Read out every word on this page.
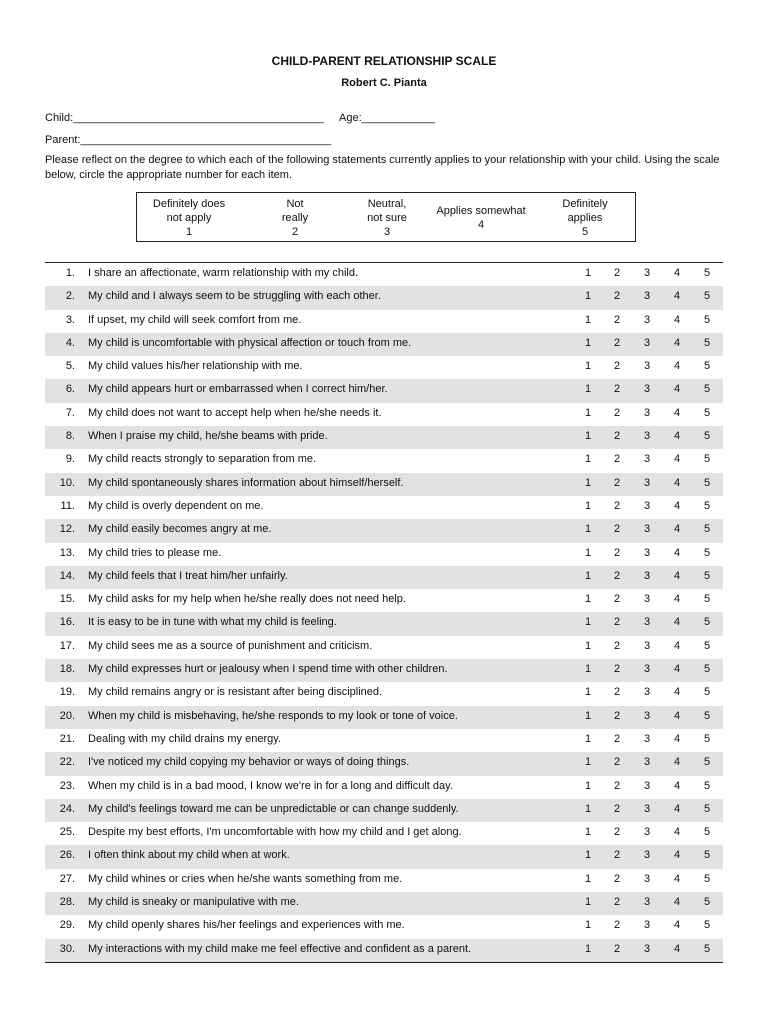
CHILD-PARENT RELATIONSHIP SCALE
Robert C. Pianta
Child:_________________________________________ Age:____________
Parent:_________________________________________
Please reflect on the degree to which each of the following statements currently applies to your relationship with your child. Using the scale below, circle the appropriate number for each item.
Definitely does
not apply
1
Not
really
2
Neutral,
not sure
3
Applies somewhat
4
Definitely
applies
5
1. I share an affectionate, warm relationship with my child.	1	2	3	4	5
2. My child and I always seem to be struggling with each other.	1	2	3	4	5
3. If upset, my child will seek comfort from me.	1	2	3	4	5
4. My child is uncomfortable with physical affection or touch from me.	1	2	3	4	5
5. My child values his/her relationship with me.	1	2	3	4	5
6. My child appears hurt or embarrassed when I correct him/her.	1	2	3	4	5
7. My child does not want to accept help when he/she needs it.	1	2	3	4	5
8. When I praise my child, he/she beams with pride.	1	2	3	4	5
9. My child reacts strongly to separation from me.	1	2	3	4	5
10. My child spontaneously shares information about himself/herself.	1	2	3	4	5
11. My child is overly dependent on me.	1	2	3	4	5
12. My child easily becomes angry at me.	1	2	3	4	5
13. My child tries to please me.	1	2	3	4	5
14. My child feels that I treat him/her unfairly.	1	2	3	4	5
15. My child asks for my help when he/she really does not need help.	1	2	3	4	5
16. It is easy to be in tune with what my child is feeling.	1	2	3	4	5
17. My child sees me as a source of punishment and criticism.	1	2	3	4	5
18. My child expresses hurt or jealousy when I spend time with other children.	1	2	3	4	5
19. My child remains angry or is resistant after being disciplined.	1	2	3	4	5
20. When my child is misbehaving, he/she responds to my look or tone of voice.	1	2	3	4	5
21. Dealing with my child drains my energy.	1	2	3	4	5
22. I've noticed my child copying my behavior or ways of doing things.	1	2	3	4	5
23. When my child is in a bad mood, I know we're in for a long and difficult day.	1	2	3	4	5
24. My child's feelings toward me can be unpredictable or can change suddenly.	1	2	3	4	5
25. Despite my best efforts, I'm uncomfortable with how my child and I get along.	1	2	3	4	5
26. I often think about my child when at work.	1	2	3	4	5
27. My child whines or cries when he/she wants something from me.	1	2	3	4	5
28. My child is sneaky or manipulative with me.	1	2	3	4	5
29. My child openly shares his/her feelings and experiences with me.	1	2	3	4	5
30. My interactions with my child make me feel effective and confident as a parent.	1	2	3	4	5
